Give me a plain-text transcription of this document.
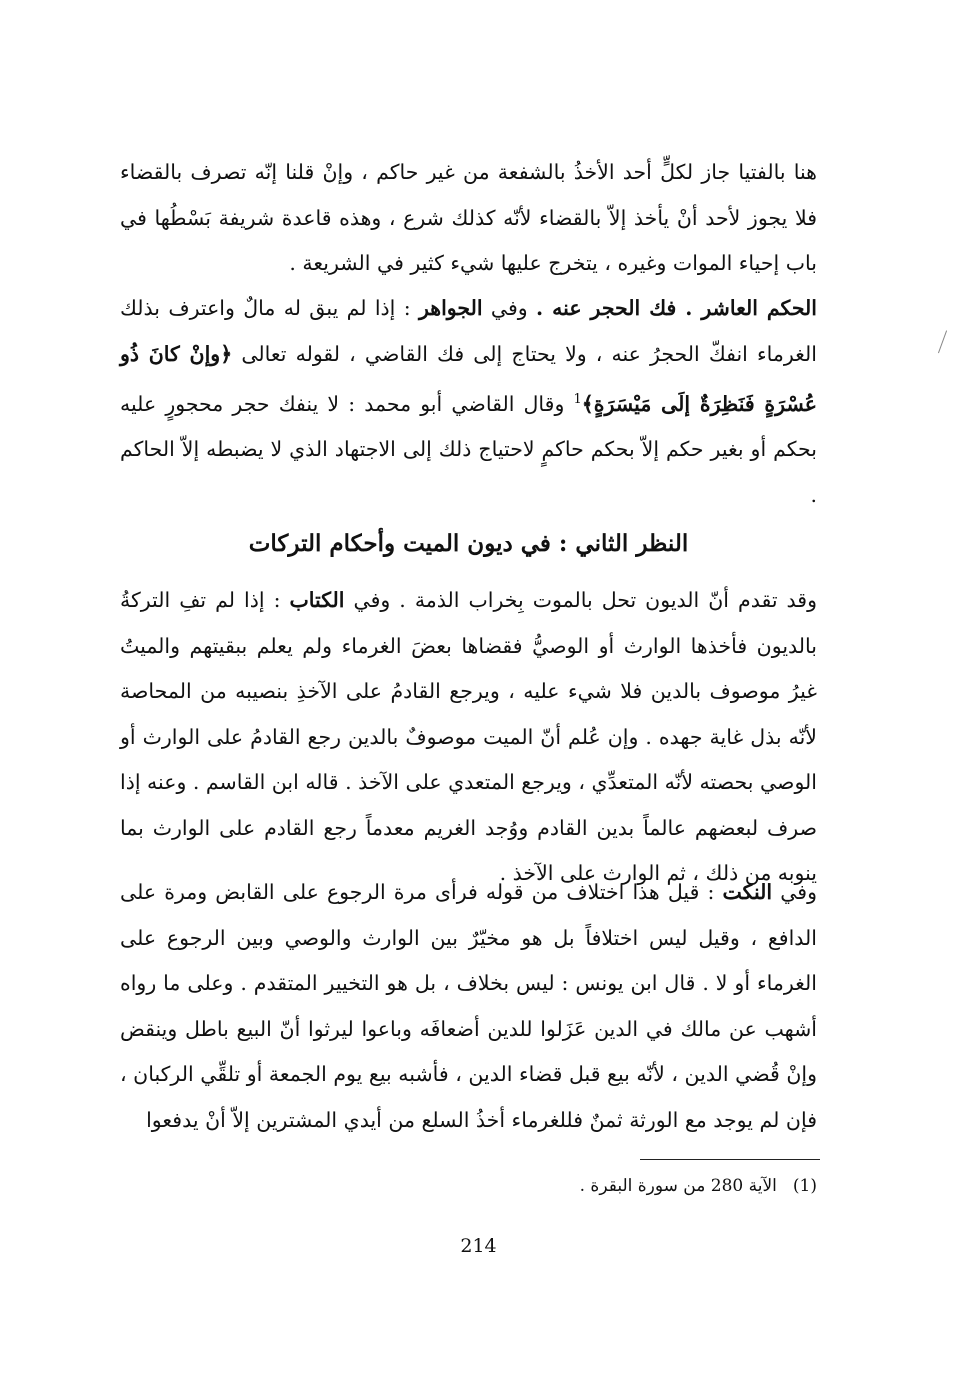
هنا بالفتيا جاز لكلٍّ أحد الأخذُ بالشفعة من غير حاكم ، وإنْ قلنا إنّه تصرف بالقضاء فلا يجوز لأحد أنْ يأخذ إلاّ بالقضاء لأنّه كذلك شرع ، وهذه قاعدة شريفة بَسْطُها في باب إحياء الموات وغيره ، يتخرج عليها شيء كثير في الشريعة .

الحكم العاشر . فك الحجر عنه . وفي الجواهر : إذا لم يبق له مالٌ واعترف بذلك الغرماء انفكّ الحجرُ عنه ، ولا يحتاج إلى فك القاضي ، لقوله تعالى ﴿وإنْ كانَ ذُو عُسْرَةٍ فَنَظِرَةٌ إلَى مَيْسَرَةٍ﴾$^1$ وقال القاضي أبو محمد : لا ينفك حجر محجورٍ عليه بحكم أو بغير حكم إلاّ بحكم حاكمٍ لاحتياج ذلك إلى الاجتهاد الذي لا يضبطه إلاّ الحاكم .

النظر الثاني : في ديون الميت وأحكام التركات

وقد تقدم أنّ الديون تحل بالموت بِخراب الذمة . وفي الكتاب : إذا لم تفِ التركةُ بالديون فأخذها الوارث أو الوصيُّ فقضاها بعضَ الغرماء ولم يعلم ببقيتهم والميتُ غيرُ موصوف بالدين فلا شيء عليه ، ويرجع القادمُ على الآخذِ بنصيبه من المحاصة لأنّه بذل غاية جهده . وإن عُلم أنّ الميت موصوفٌ بالدين رجع القادمُ على الوارث أو الوصي بحصته لأنّه المتعدِّي ، ويرجع المتعدي على الآخذ . قاله ابن القاسم . وعنه إذا صرف لبعضهم عالماً بدين القادم ووُجد الغريم معدماً رجع القادم على الوارث بما ينوبه من ذلك ، ثم الوارث على الآخذ .

وفي النكت : قيل هذا اختلاف من قوله فرأى مرة الرجوع على القابض ومرة على الدافع ، وقيل ليس اختلافاً بل هو مخيّرٌ بين الوارث والوصي وبين الرجوع على الغرماء أو لا . قال ابن يونس : ليس بخلاف ، بل هو التخيير المتقدم . وعلى ما رواه أشهب عن مالك في الدين عَزَلوا للدين أضعافَه وباعوا ليرثوا أنّ البيع باطل وينقض وإنْ قُضي الدين ، لأنّه بيع قبل قضاء الدين ، فأشبه بيع يوم الجمعة أو تلقِّي الركبان ، فإن لم يوجد مع الورثة ثمنٌ فللغرماء أخذُ السلع من أيدي المشترين إلاّ أنْ يدفعوا

(1)الآية 280 من سورة البقرة .
214
